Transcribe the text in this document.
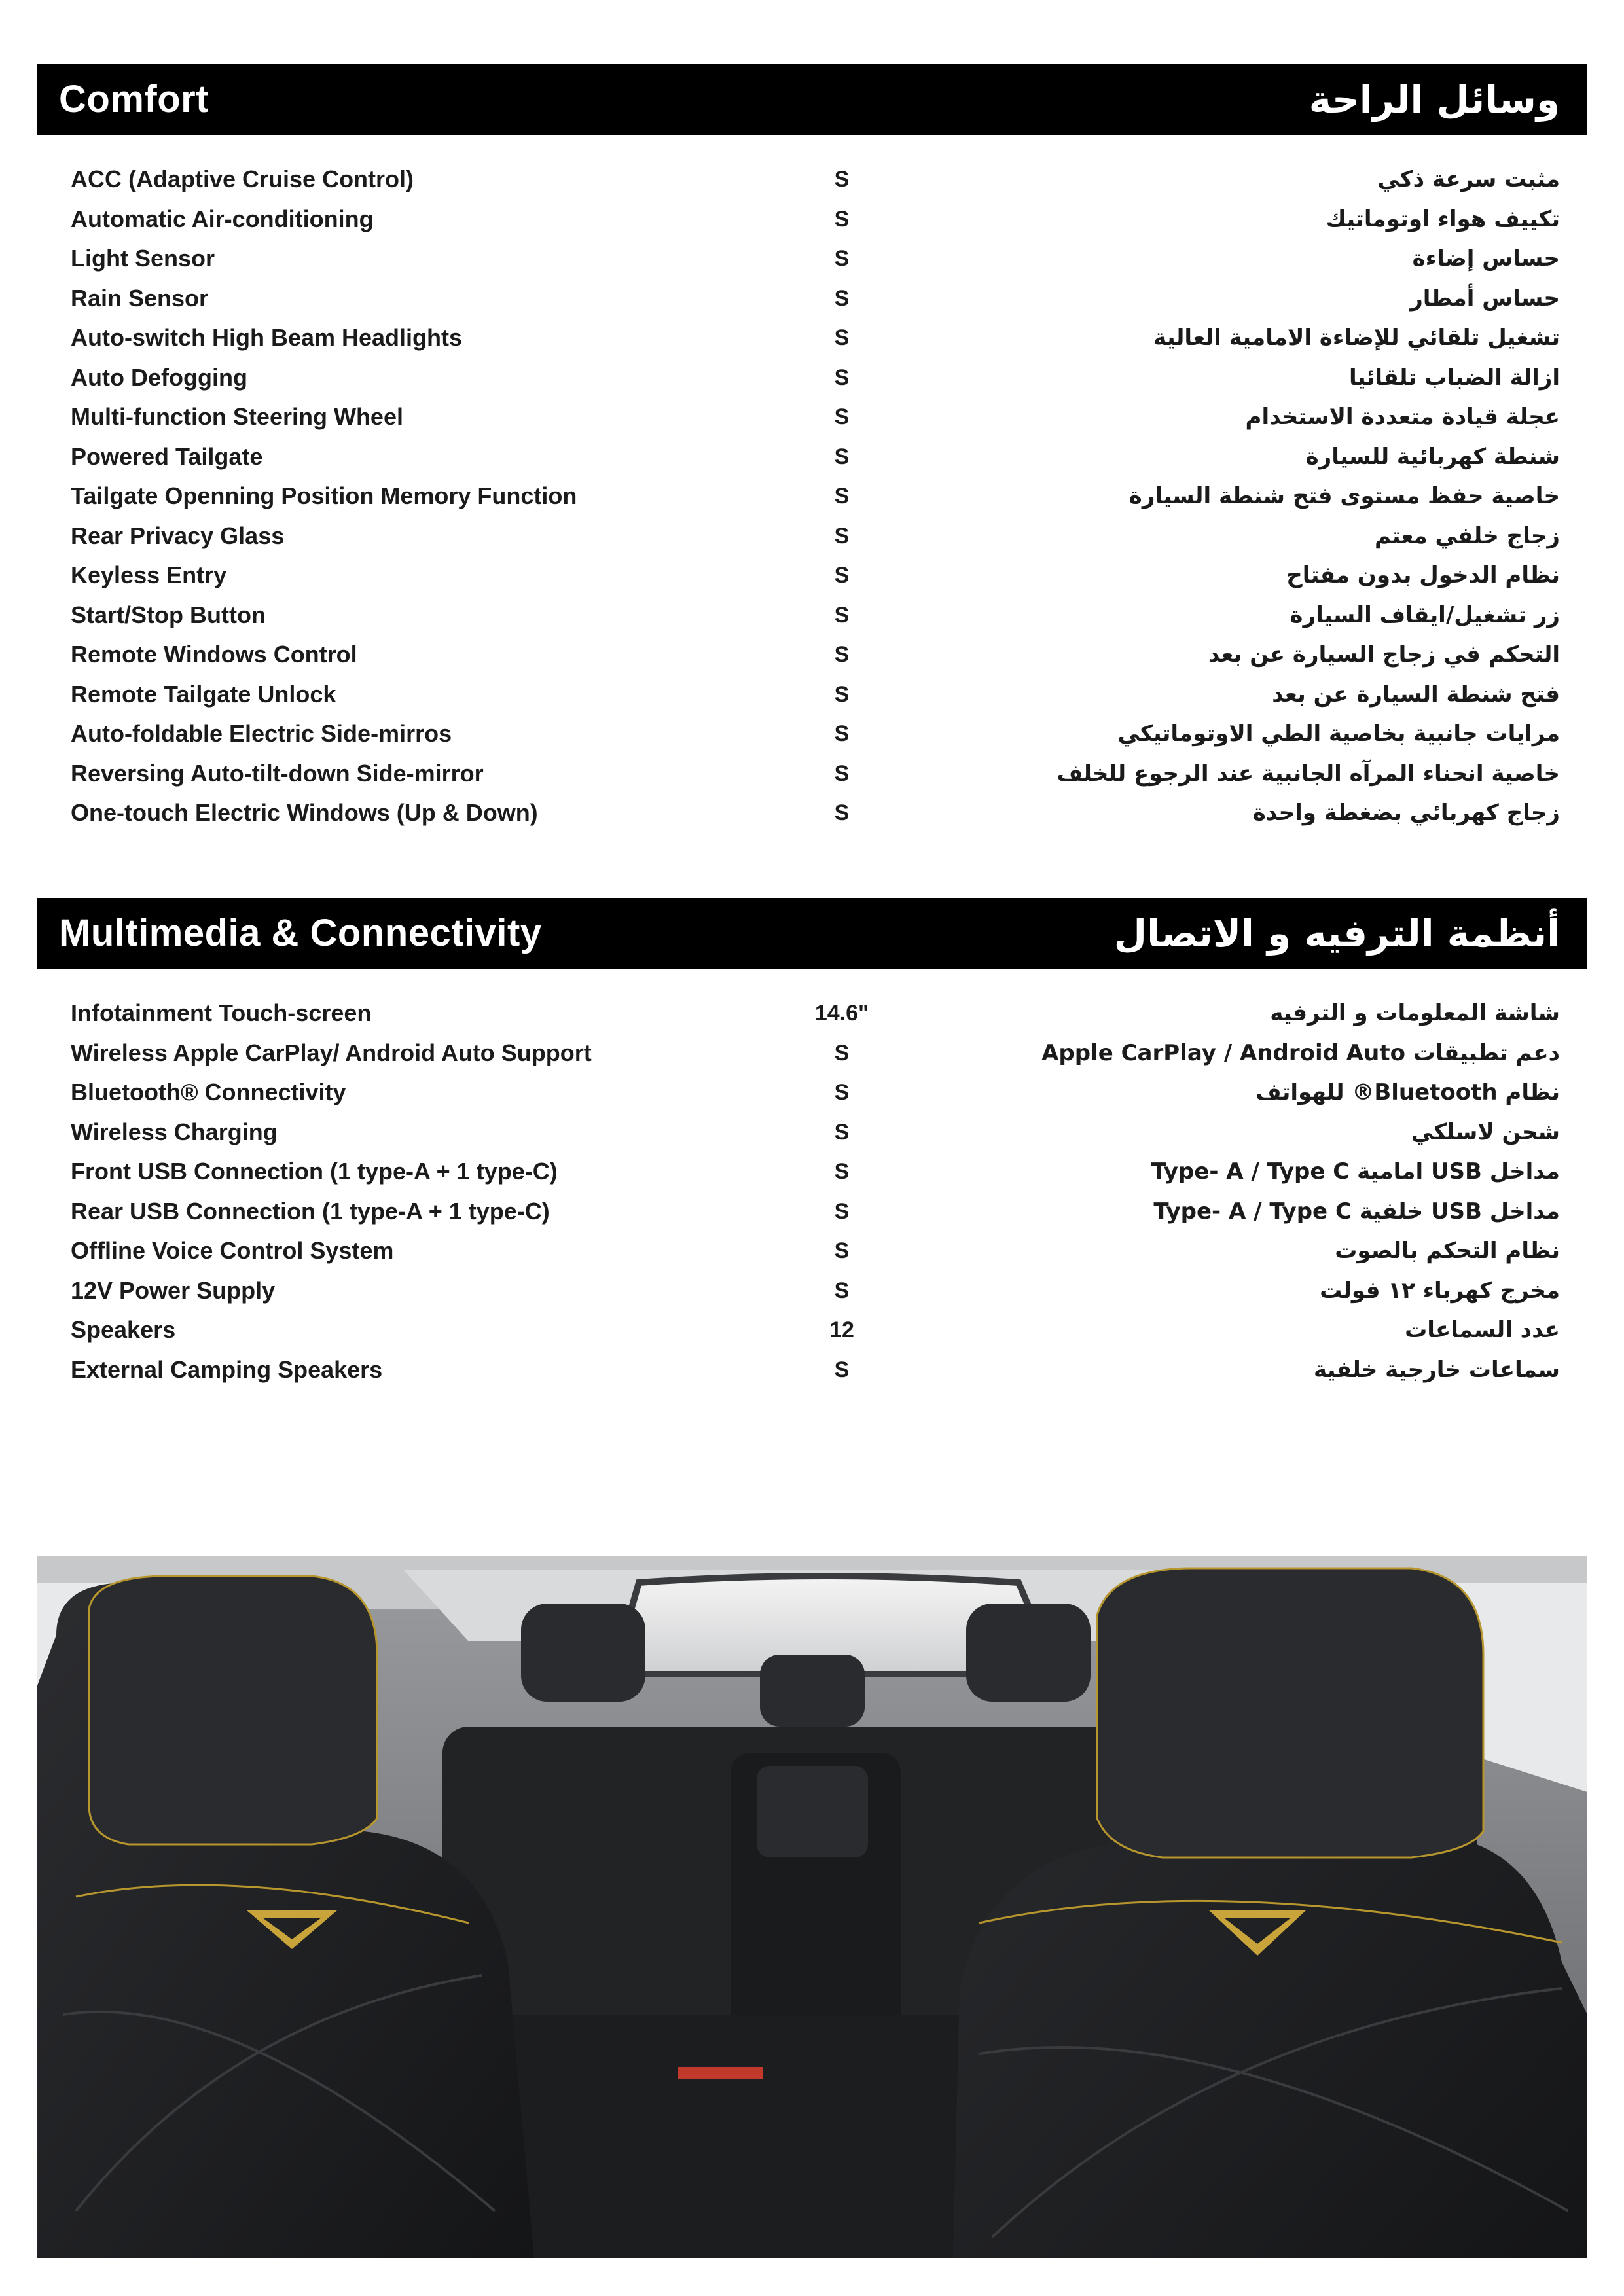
Comfort	وسائل الراحة
ACC (Adaptive Cruise Control)	S	مثبت سرعة ذكي
Automatic Air-conditioning	S	تكييف هواء اوتوماتيك
Light Sensor	S	حساس إضاءة
Rain Sensor	S	حساس أمطار
Auto-switch High Beam Headlights	S	تشغيل تلقائي للإضاءة الامامية العالية
Auto Defogging	S	ازالة الضباب تلقائيا
Multi-function Steering Wheel	S	عجلة قيادة متعددة الاستخدام
Powered Tailgate	S	شنطة كهربائية للسيارة
Tailgate Openning Position Memory Function	S	خاصية حفظ مستوى فتح شنطة السيارة
Rear Privacy Glass	S	زجاج خلفي معتم
Keyless Entry	S	نظام الدخول بدون مفتاح
Start/Stop Button	S	زر تشغيل/ايقاف السيارة
Remote Windows Control	S	التحكم في زجاج السيارة عن بعد
Remote Tailgate Unlock	S	فتح شنطة السيارة عن بعد
Auto-foldable Electric Side-mirros	S	مرايات جانبية بخاصية الطي الاوتوماتيكي
Reversing Auto-tilt-down Side-mirror	S	خاصية انحناء المرآه الجانبية عند الرجوع للخلف
One-touch Electric Windows (Up & Down)	S	زجاج كهربائي بضغطة واحدة
Multimedia & Connectivity	أنظمة الترفيه و الاتصال
Infotainment Touch-screen	14.6"	شاشة المعلومات و الترفيه
Wireless Apple CarPlay/ Android Auto Support	S	دعم تطبيقات Apple CarPlay / Android Auto
Bluetooth® Connectivity	S	نظام Bluetooth® للهواتف
Wireless Charging	S	شحن لاسلكي
Front USB Connection (1 type-A + 1 type-C)	S	مداخل USB امامية Type- A / Type C
Rear USB Connection (1 type-A + 1 type-C)	S	مداخل USB خلفية Type- A / Type C
Offline Voice Control System	S	نظام التحكم بالصوت
12V Power Supply	S	مخرج كهرباء ١٢ فولت
Speakers	12	عدد السماعات
External Camping Speakers	S	سماعات خارجية خلفية
